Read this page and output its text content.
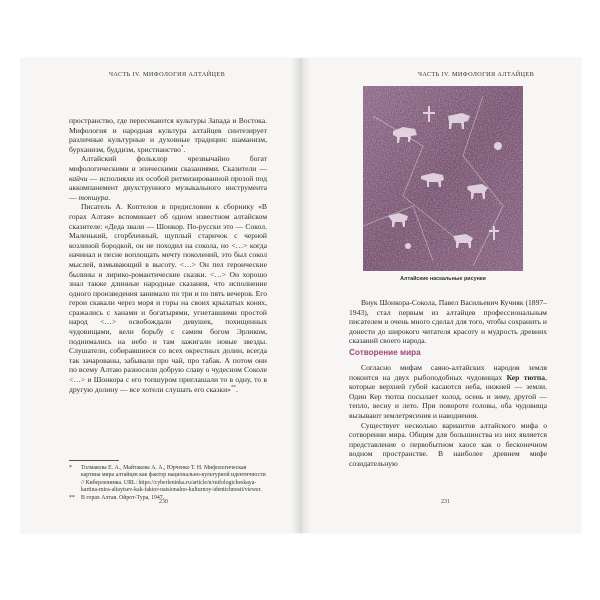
ЧАСТЬ IV. МИФОЛОГИЯ АЛТАЙЦЕВ

пространство, где пересекаются культуры Запада и Востока. Мифология и народная культура алтайцев синтезирует различные культурные и духовные традиции: шаманизм, бурханизм, буддизм, христианство*.

Алтайский фольклор чрезвычайно богат мифологическими и эпическими сказаниями. Сказители — кайчи — исполняли их особой ритмизированной прозой под аккомпанемент двухструнного музыкального инструмента — топшура.

Писатель А. Коптелов в предисловии к сборнику «В горах Алтая» вспоминает об одном известном алтайском сказителе: «Деда звали — Шонкор. По-русски это — Сокол. Маленький, сгорбленный, щуплый старичок с черной козлиной бородкой, он не походил на сокола, но <…> когда начинал и песне воплощать мечту поколений, это был сокол мыслей, взмывающий в высоту. <…> Он пел героические былины и лирико-романтические сказки. <…> Он хорошо знал также длинные народные сказания, что исполнение одного произведения занимало по три и по пять вечеров. Его герои скакали через моря и горы на своих крылатых конях, сражались с ханами и богатырями, угнетавшими простой народ <…> освобождали девушек, похищенных чудовищами, вели борьбу с самим богом Эрликом, поднимались на небо и там зажигали новые звезды. Слушатели, собиравшиеся со всех окрестных долин, всегда так зачарованы, забывали про чай, про табак. А потом они по всему Алтаю разносили добрую славу о чудесном Соколе <…> и Шонкора с его топшуром приглашали то в одну, то в другую долину — все хотели слушать его сказки»**.

* Толмакова Е. А., Майтакова А. А., Юрченко Т. Н. Мифологическая картина мира алтайцев как фактор национально-культурной идентичности // Киберленинка. URL: https://cyberleninka.ru/article/n/mifologicheskaya-kartina-mira-altaytsev-kak-faktor-natsionalno-kulturnoy-identichnosti/viewer.
** В горах Алтая. Ойрот-Тура, 1947.
230
ЧАСТЬ IV. МИФОЛОГИЯ АЛТАЙЦЕВ
Алтайские наскальные рисунки

Внук Шонкора-Сокола, Павел Васильевич Кучияк (1897–1943), стал первым из алтайцев профессиональным писателем и очень много сделал для того, чтобы сохранить и донести до широкого читателя красоту и мудрость древних сказаний своего народа.

Сотворение мира

Согласно мифам саяно-алтайских народов земля покоится на двух рыбоподобных чудовищах Кер тютпа, которые верхней губой касаются неба, нижней — земли. Один Кер тютпа посылает холод, осень и зиму, другой — тепло, весну и лето. При повороте головы, оба чудовища вызывают землетрясения и наводнения.

Существует несколько вариантов алтайского мифа о сотворении мира. Общим для большинства из них является представление о первобытном хаосе как о бесконечном водном пространстве. В наиболее древнем мифе созидательную

231
